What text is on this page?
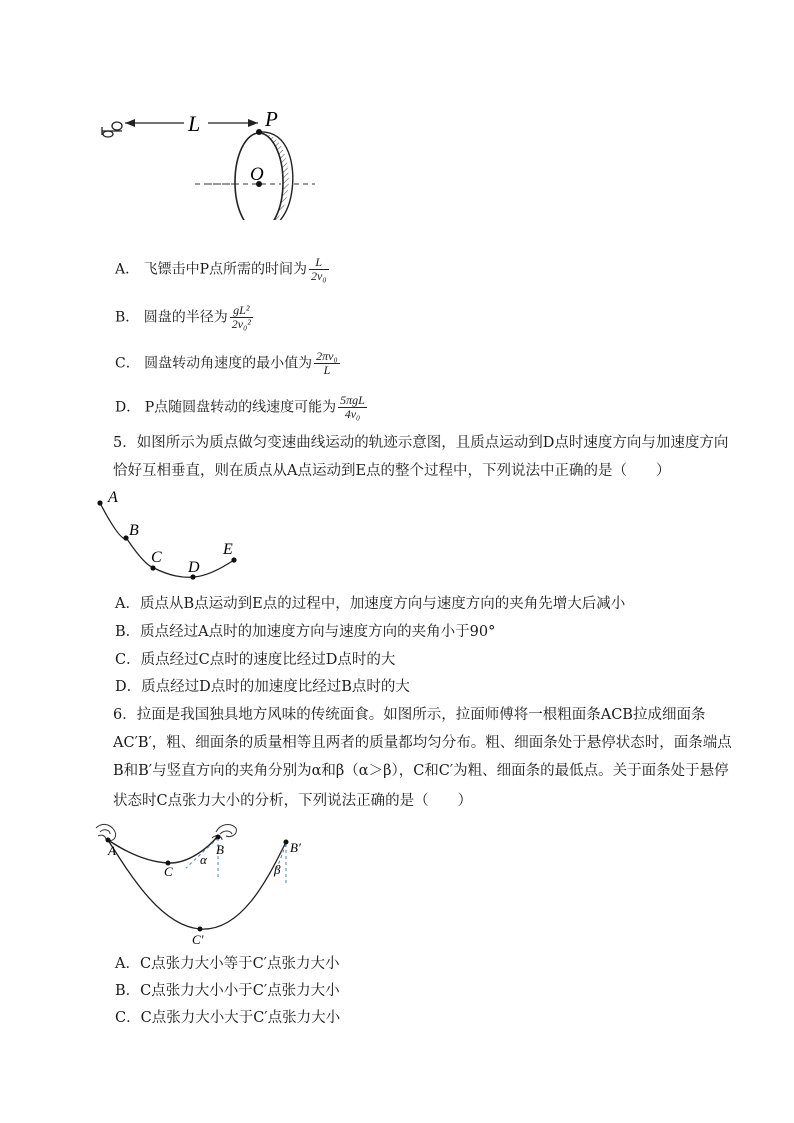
L	P
O
A． 飞镖击中P点所需的时间为 $\frac{L}{\text{2v₀}}$
B． 圆盘的半径为 $\frac{\text{gL²}}{\text{2v₀²}}$
C． 圆盘转动角速度的最小值为 $\frac{\text{2πv₀}}{L}$
D． P点随圆盘转动的线速度可能为 $\frac{\text{5πgL}}{\text{4v₀}}$
5．如图所示为质点做匀变速曲线运动的轨迹示意图，且质点运动到D点时速度方向与加速度方向
恰好互相垂直，则在质点从A点运动到E点的整个过程中，下列说法中正确的是（　　）
A
B
C
D
E
A．质点从B点运动到E点的过程中，加速度方向与速度方向的夹角先增大后减小
B．质点经过A点时的加速度方向与速度方向的夹角小于90°
C．质点经过C点时的速度比经过D点时的大
D．质点经过D点时的加速度比经过B点时的大
6．拉面是我国独具地方风味的传统面食。如图所示，拉面师傅将一根粗面条ACB拉成细面条
AC′B′，粗、细面条的质量相等且两者的质量都均匀分布。粗、细面条处于悬停状态时，面条端点
B和B′与竖直方向的夹角分别为α和β（α＞β），C和C′为粗、细面条的最低点。关于面条处于悬停
状态时C点张力大小的分析，下列说法正确的是（　　）
A	B
C
α
B′
β
C′
A．C点张力大小等于C′点张力大小
B．C点张力大小小于C′点张力大小
C．C点张力大小大于C′点张力大小
